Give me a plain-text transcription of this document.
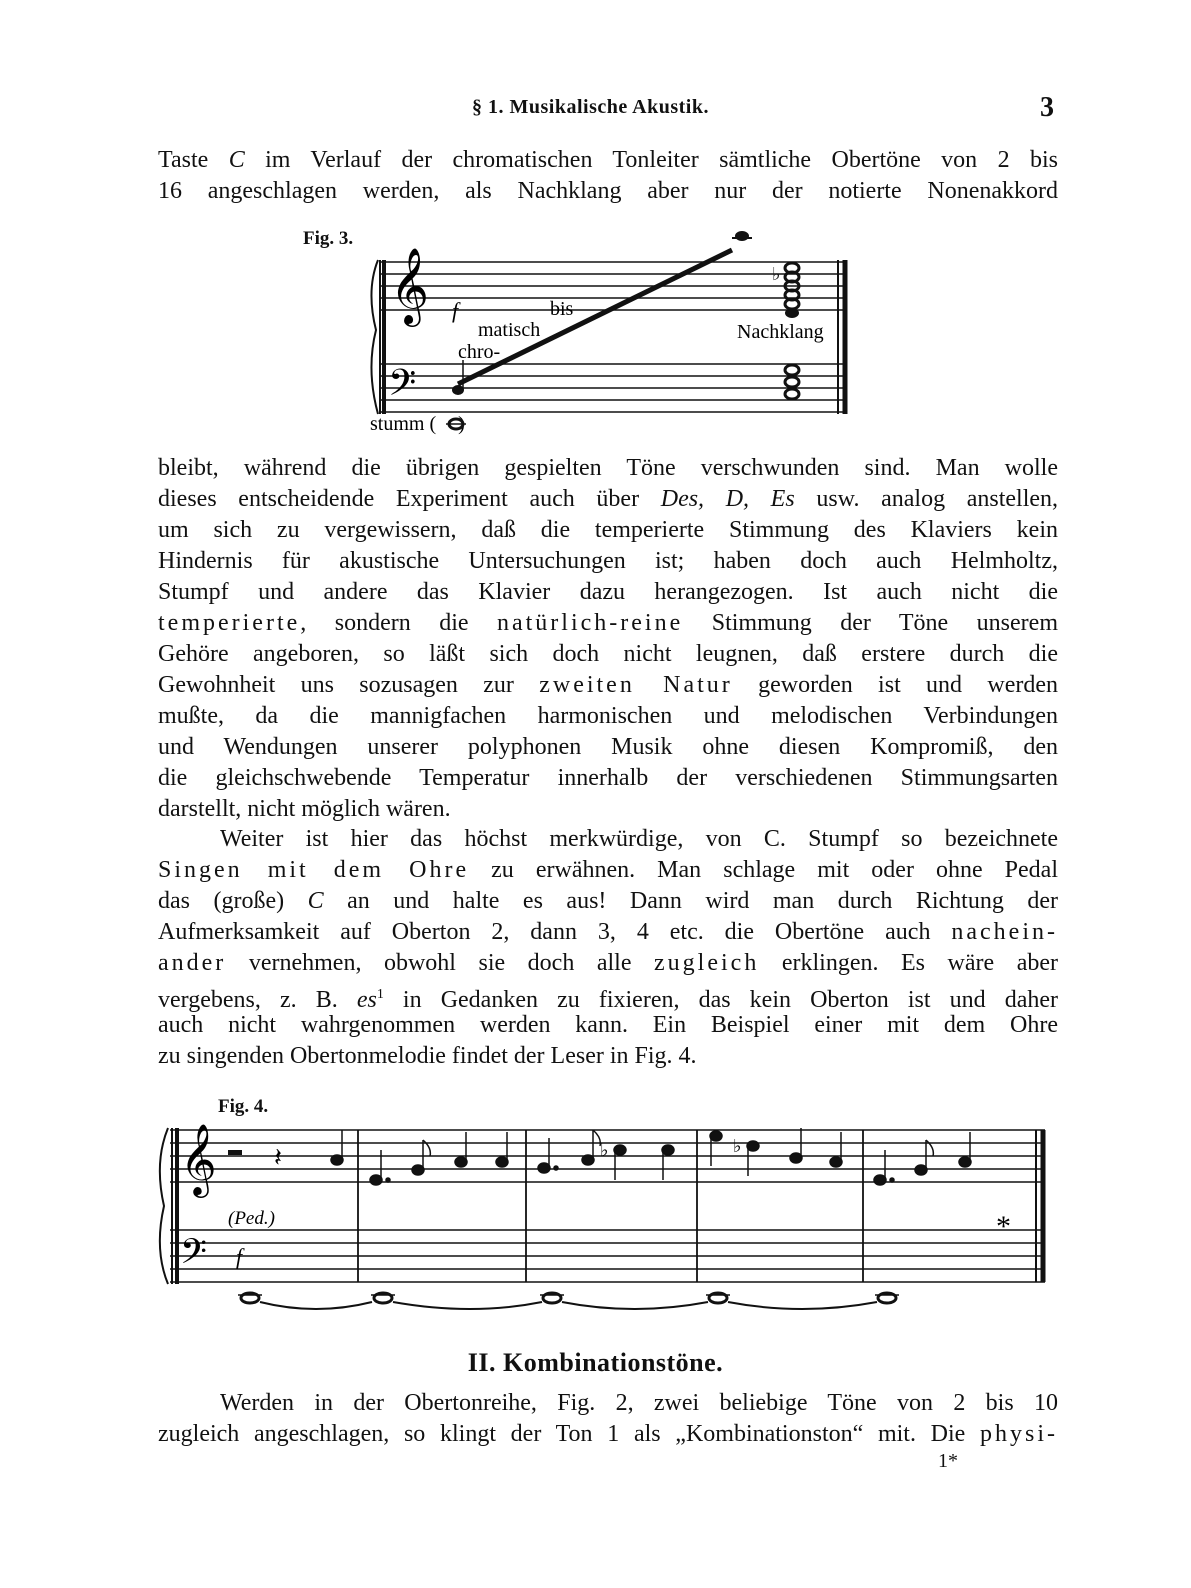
§ 1. Musikalische Akustik.	3
Taste C im Verlauf der chromatischen Tonleiter sämtliche Obertöne von 2 bis
16 angeschlagen werden, als Nachklang aber nur der notierte Nonenakkord
Fig. 3.
𝄞
𝄢
♭
f	bis
matisch
chro-
Nachklang
stumm ( )
bleibt, während die übrigen gespielten Töne verschwunden sind. Man wolle
dieses entscheidende Experiment auch über Des, D, Es usw. analog anstellen,
um sich zu vergewissern, daß die temperierte Stimmung des Klaviers kein
Hindernis für akustische Untersuchungen ist; haben doch auch Helmholtz,
Stumpf und andere das Klavier dazu herangezogen. Ist auch nicht die
temperierte, sondern die natürlich-reine Stimmung der Töne unserem
Gehöre angeboren, so läßt sich doch nicht leugnen, daß erstere durch die
Gewohnheit uns sozusagen zur zweiten Natur geworden ist und werden
mußte, da die mannigfachen harmonischen und melodischen Verbindungen
und Wendungen unserer polyphonen Musik ohne diesen Kompromiß, den
die gleichschwebende Temperatur innerhalb der verschiedenen Stimmungsarten
darstellt, nicht möglich wären.
Weiter ist hier das höchst merkwürdige, von C. Stumpf so bezeichnete
Singen mit dem Ohre zu erwähnen. Man schlage mit oder ohne Pedal
das (große) C an und halte es aus! Dann wird man durch Richtung der
Aufmerksamkeit auf Oberton 2, dann 3, 4 etc. die Obertöne auch nachein-
ander vernehmen, obwohl sie doch alle zugleich erklingen. Es wäre aber
vergebens, z. B. $es^1$ in Gedanken zu fixieren, das kein Oberton ist und daher
auch nicht wahrgenommen werden kann. Ein Beispiel einer mit dem Ohre
zu singenden Obertonmelodie findet der Leser in Fig. 4.
Fig. 4.
𝄞
𝄢
𝄽	♭	♭
(Ped.)
f
*
II. Kombinationstöne.
Werden in der Obertonreihe, Fig. 2, zwei beliebige Töne von 2 bis 10
zugleich angeschlagen, so klingt der Ton 1 als „Kombinationston“ mit. Die physi-
1*
